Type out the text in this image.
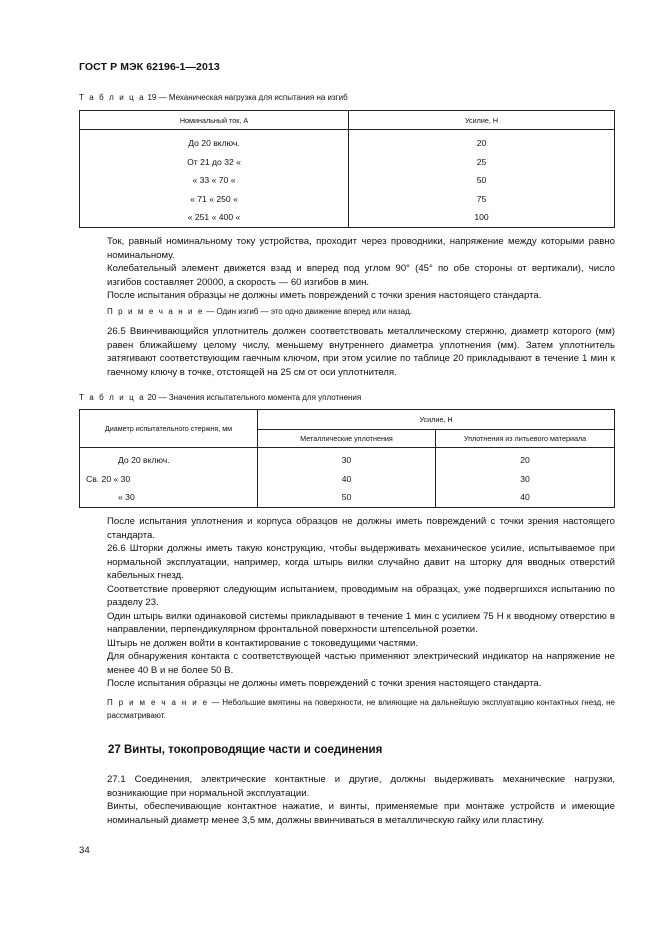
ГОСТ Р МЭК 62196-1—2013
Т а б л и ц а 19 — Механическая нагрузка для испытания на изгиб
Номинальный ток, А	Усилие, Н
До 20 включ.	20
От 21 до 32 «	25
« 33 « 70 «	50
« 71 « 250 «	75
« 251 « 400 «	100
Ток, равный номинальному току устройства, проходит через проводники, напряжение между которыми равно номинальному.
Колебательный элемент движется взад и вперед под углом 90° (45° по обе стороны от вертикали), число изгибов составляет 20000, а скорость — 60 изгибов в мин.
После испытания образцы не должны иметь повреждений с точки зрения настоящего стандарта.
П р и м е ч а н и е — Один изгиб — это одно движение вперед или назад.
26.5 Ввинчивающийся уплотнитель должен соответствовать металлическому стержню, диаметр которого (мм) равен ближайшему целому числу, меньшему внутреннего диаметра уплотнения (мм). Затем уплотнитель затягивают соответствующим гаечным ключом, при этом усилие по таблице 20 прикладывают в течение 1 мин к гаечному ключу в точке, отстоящей на 25 см от оси уплотнителя.
Т а б л и ц а 20 — Значения испытательного момента для уплотнения
Диаметр испытательного стержня, мм	Усилие, Н	
	Металлические уплотнения	Уплотнения из литьевого материала
До 20 включ.	30	20
Св. 20 « 30	40	30
« 30	50	40
После испытания уплотнения и корпуса образцов не должны иметь повреждений с точки зрения настоящего стандарта.
26.6 Шторки должны иметь такую конструкцию, чтобы выдерживать механическое усилие, испытываемое при нормальной эксплуатации, например, когда штырь вилки случайно давит на шторку для вводных отверстий кабельных гнезд.
Соответствие проверяют следующим испытанием, проводимым на образцах, уже подвергшихся испытанию по разделу 23.
Один штырь вилки одинаковой системы прикладывают в течение 1 мин с усилием 75 Н к вводному отверстию в направлении, перпендикулярном фронтальной поверхности штепсельной розетки.
Штырь не должен войти в контактирование с токоведущими частями.
Для обнаружения контакта с соответствующей частью применяют электрический индикатор на напряжение не менее 40 В и не более 50 В.
После испытания образцы не должны иметь повреждений с точки зрения настоящего стандарта.
П р и м е ч а н и е — Небольшие вмятины на поверхности, не влияющие на дальнейшую эксплуатацию контактных гнезд, не рассматривают.
27 Винты, токопроводящие части и соединения
27.1 Соединения, электрические контактные и другие, должны выдерживать механические нагрузки, возникающие при нормальной эксплуатации.
Винты, обеспечивающие контактное нажатие, и винты, применяемые при монтаже устройств и имеющие номинальный диаметр менее 3,5 мм, должны ввинчиваться в металлическую гайку или пластину.
34
